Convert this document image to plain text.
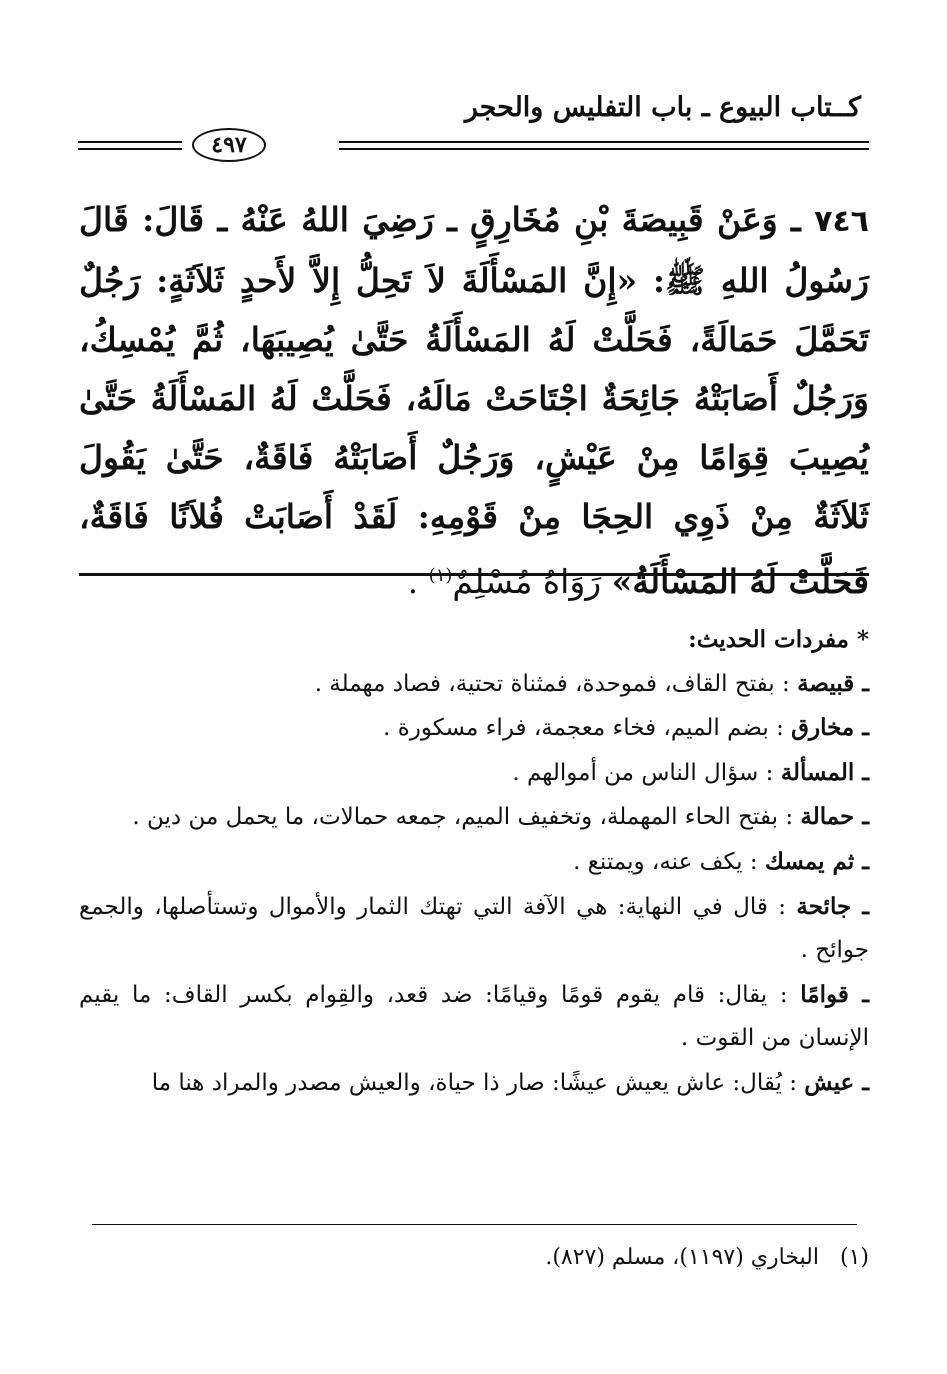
كــتاب البيوع ـ باب التفليس والحجر
٤٩٧
٧٤٦ ـ وَعَنْ قَبِيصَةَ بْنِ مُخَارِقٍ ـ رَضِيَ اللهُ عَنْهُ ـ قَالَ: قَالَ رَسُولُ اللهِ ﷺ: «إِنَّ المَسْأَلَةَ لاَ تَحِلُّ إِلاَّ لأَحدٍ ثَلاَثَةٍ: رَجُلٌ تَحَمَّلَ حَمَالَةً، فَحَلَّتْ لَهُ المَسْأَلَةُ حَتَّىٰ يُصِيبَهَا، ثُمَّ يُمْسِكُ، وَرَجُلٌ أَصَابَتْهُ جَائِحَةٌ اجْتَاحَتْ مَالَهُ، فَحَلَّتْ لَهُ المَسْأَلَةُ حَتَّىٰ يُصِيبَ قِوَامًا مِنْ عَيْشٍ، وَرَجُلٌ أَصَابَتْهُ فَاقَةٌ، حَتَّىٰ يَقُولَ ثَلاَثَةٌ مِنْ ذَوِي الحِجَا مِنْ قَوْمِهِ: لَقَدْ أَصَابَتْ فُلاَنًا فَاقَةٌ، فَحَلَّتْ لَهُ المَسْأَلَةُ» رَوَاهُ مُسْلِمٌ$^{(١)}$ .
* مفردات الحديث:

ـ قبيصة : بفتح القاف، فموحدة، فمثناة تحتية، فصاد مهملة .

ـ مخارق : بضم الميم، فخاء معجمة، فراء مسكورة .

ـ المسألة : سؤال الناس من أموالهم .

ـ حمالة : بفتح الحاء المهملة، وتخفيف الميم، جمعه حمالات، ما يحمل من دين .

ـ ثم يمسك : يكف عنه، ويمتنع .

ـ جائحة : قال في النهاية: هي الآفة التي تهتك الثمار والأموال وتستأصلها، والجمع جوائح .

ـ قوامًا : يقال: قام يقوم قومًا وقيامًا: ضد قعد، والقِوام بكسر القاف: ما يقيم الإنسان من القوت .

ـ عيش : يُقال: عاش يعيش عيشًا: صار ذا حياة، والعيش مصدر والمراد هنا ما

(١)   البخاري (١١٩٧)، مسلم (٨٢٧).
